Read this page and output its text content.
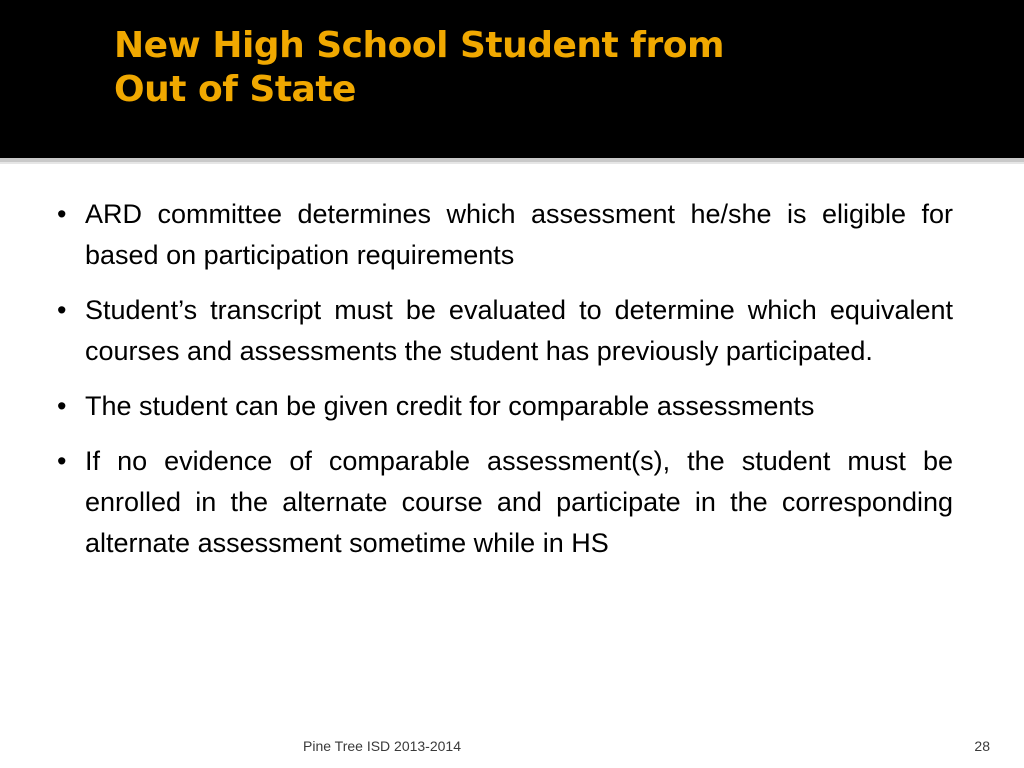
New High School Student from
Out of State
• ARD committee determines which assessment he/she is eligible for based on participation requirements
• Student’s transcript must be evaluated to determine which equivalent courses and assessments the student has previously participated.
• The student can be given credit for comparable assessments
• If no evidence of comparable assessment(s), the student must be enrolled in the alternate course and participate in the corresponding alternate assessment sometime while in HS
Pine Tree ISD 2013-2014	28
